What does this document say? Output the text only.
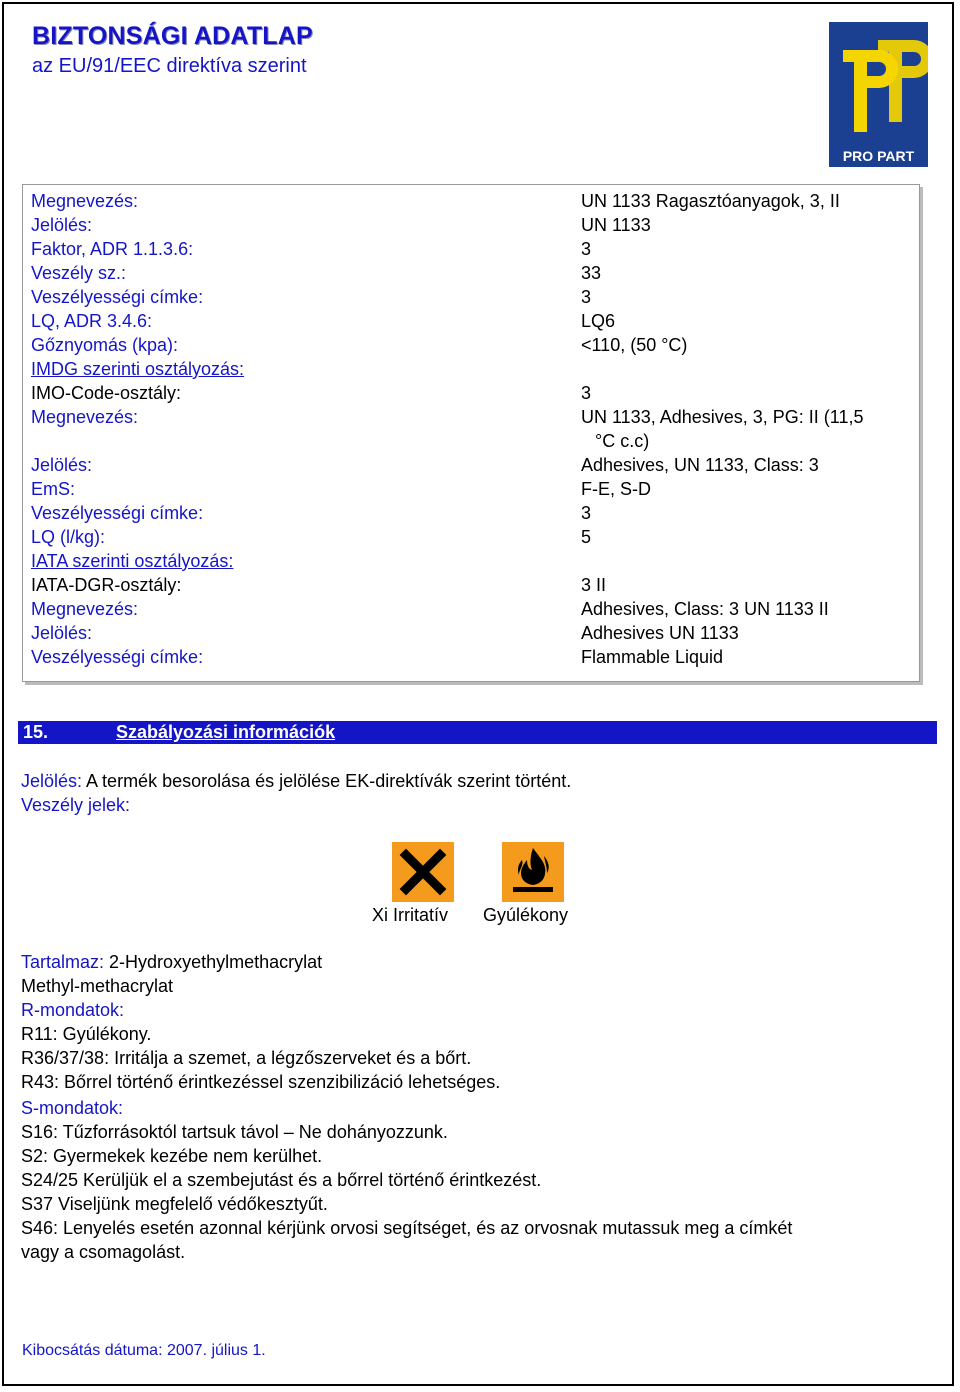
BIZTONSÁGI ADATLAP
az EU/91/EEC direktíva szerint
PRO PART
Megnevezés:	UN 1133 Ragasztóanyagok, 3, II
Jelölés:	UN 1133
Faktor, ADR 1.1.3.6:	3
Veszély sz.:	33
Veszélyességi címke:	3
LQ, ADR 3.4.6:	LQ6
Gőznyomás (kpa):	<110, (50 °C)
IMDG szerinti osztályozás:
IMO-Code-osztály:	3
Megnevezés:	UN 1133, Adhesives, 3, PG: II (11,5
°C c.c)
Jelölés:	Adhesives, UN 1133, Class: 3
EmS:	F-E, S-D
Veszélyességi címke:	3
LQ (l/kg):	5
IATA szerinti osztályozás:
IATA-DGR-osztály:	3 II
Megnevezés:	Adhesives, Class: 3 UN 1133 II
Jelölés:	Adhesives UN 1133
Veszélyességi címke:	Flammable Liquid
15.	Szabályozási információk
Jelölés: A termék besorolása és jelölése EK-direktívák szerint történt.
Veszély jelek:
Xi Irritatív Gyúlékony
Tartalmaz: 2-Hydroxyethylmethacrylat
Methyl-methacrylat
R-mondatok:
R11: Gyúlékony.
R36/37/38: Irritálja a szemet, a légzőszerveket és a bőrt.
R43: Bőrrel történő érintkezéssel szenzibilizáció lehetséges.
S-mondatok:
S16: Tűzforrásoktól tartsuk távol – Ne dohányozzunk.
S2: Gyermekek kezébe nem kerülhet.
S24/25 Kerüljük el a szembejutást és a bőrrel történő érintkezést.
S37 Viseljünk megfelelő védőkesztyűt.
S46: Lenyelés esetén azonnal kérjünk orvosi segítséget, és az orvosnak mutassuk meg a címkét
vagy a csomagolást.
Kibocsátás dátuma: 2007. július 1.
